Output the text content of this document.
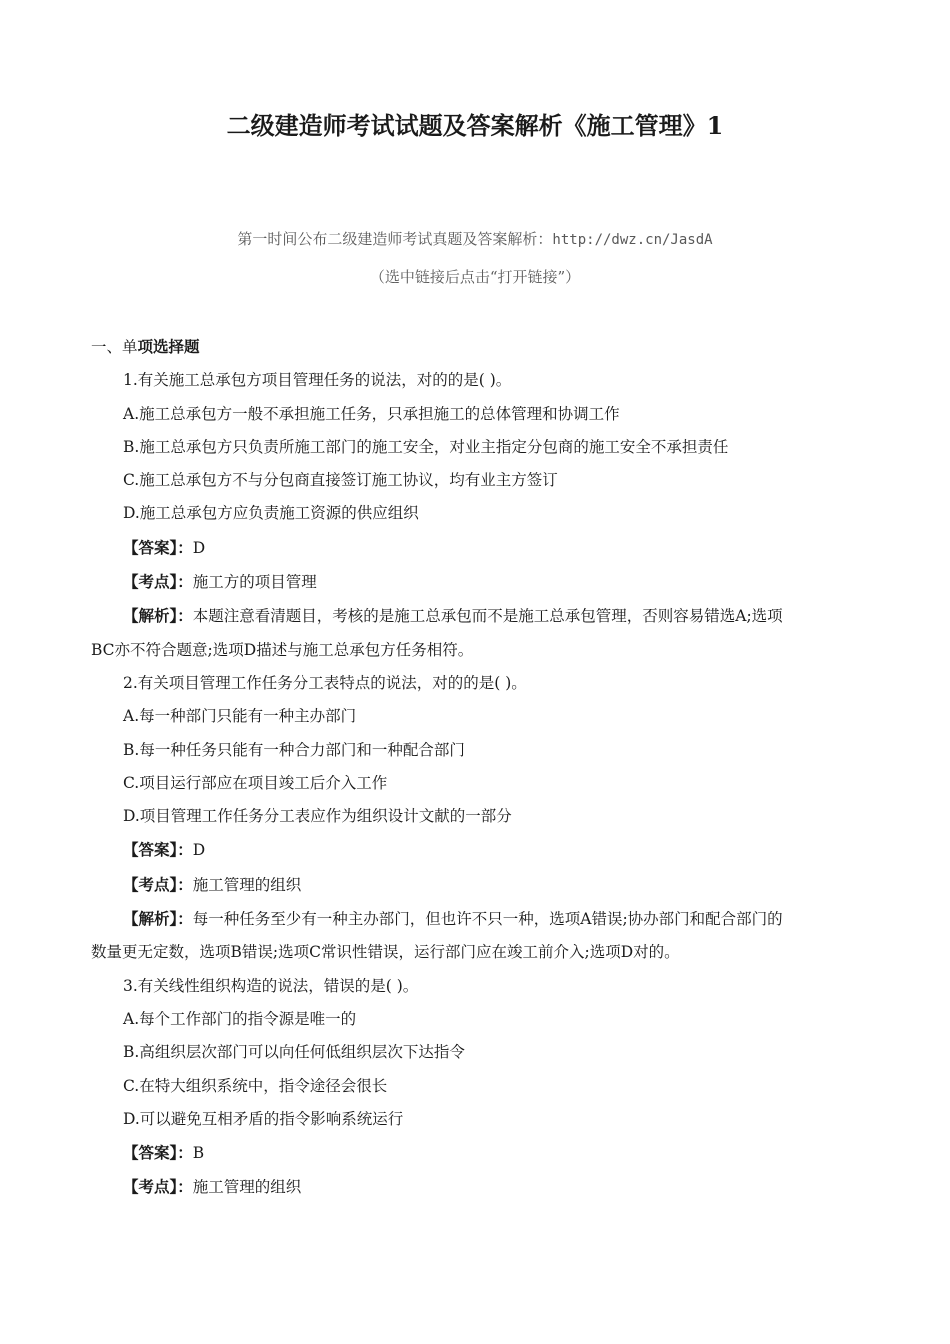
二级建造师考试试题及答案解析《施工管理》1
第一时间公布二级建造师考试真题及答案解析：http://dwz.cn/JasdA
（选中链接后点击“打开链接”）
一、单项选择题
1.有关施工总承包方项目管理任务的说法，对的的是( )。
A.施工总承包方一般不承担施工任务，只承担施工的总体管理和协调工作
B.施工总承包方只负责所施工部门的施工安全，对业主指定分包商的施工安全不承担责任
C.施工总承包方不与分包商直接签订施工协议，均有业主方签订
D.施工总承包方应负责施工资源的供应组织
【答案】：D
【考点】：施工方的项目管理
【解析】：本题注意看清题目，考核的是施工总承包而不是施工总承包管理，否则容易错选A;选项
BC亦不符合题意;选项D描述与施工总承包方任务相符。
2.有关项目管理工作任务分工表特点的说法，对的的是( )。
A.每一种部门只能有一种主办部门
B.每一种任务只能有一种合力部门和一种配合部门
C.项目运行部应在项目竣工后介入工作
D.项目管理工作任务分工表应作为组织设计文献的一部分
【答案】：D
【考点】：施工管理的组织
【解析】：每一种任务至少有一种主办部门，但也许不只一种，选项A错误;协办部门和配合部门的
数量更无定数，选项B错误;选项C常识性错误，运行部门应在竣工前介入;选项D对的。
3.有关线性组织构造的说法，错误的是( )。
A.每个工作部门的指令源是唯一的
B.高组织层次部门可以向任何低组织层次下达指令
C.在特大组织系统中，指令途径会很长
D.可以避免互相矛盾的指令影响系统运行
【答案】：B
【考点】：施工管理的组织
